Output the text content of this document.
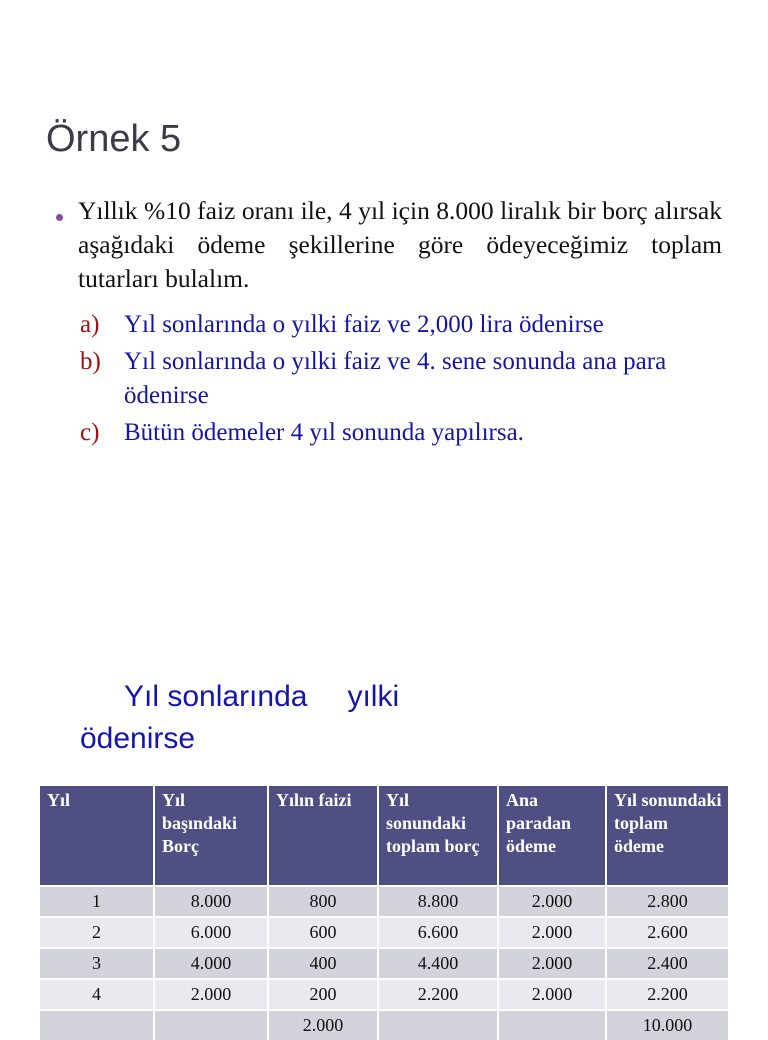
Örnek 5

Yıllık %10 faiz oranı ile, 4 yıl için 8.000 liralık bir borç alırsak aşağıdaki ödeme şekillerine göre ödeyeceğimiz toplam tutarları bulalım.

a) Yıl sonlarında o yılki faiz ve 2,000 lira ödenirse
b) Yıl sonlarında o yılki faiz ve 4. sene sonunda ana para ödenirse
c) Bütün ödemeler 4 yıl sonunda yapılırsa.
Yıl sonlarında yılki
ödenirse
Yıl	Yıl başındaki Borç	Yılın faizi	Yıl sonundaki toplam borç	Ana paradan ödeme	Yıl sonundaki toplam ödeme
1	8.000	800	8.800	2.000	2.800
2	6.000	600	6.600	2.000	2.600
3	4.000	400	4.400	2.000	2.400
4	2.000	200	2.200	2.000	2.200
		2.000			10.000
